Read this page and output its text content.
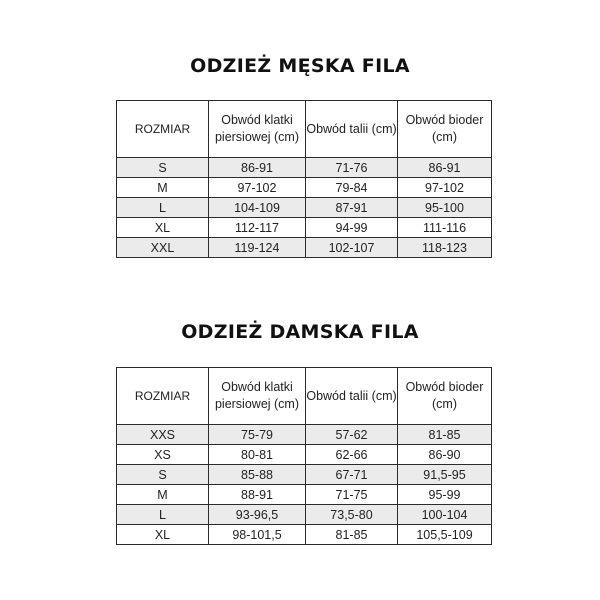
ODZIEŻ MĘSKA FILA
ROZMIAR	Obwód klatki piersiowej (cm)	Obwód talii (cm)	Obwód bioder (cm)
S	86-91	71-76	86-91
M	97-102	79-84	97-102
L	104-109	87-91	95-100
XL	112-117	94-99	111-116
XXL	119-124	102-107	118-123
ODZIEŻ DAMSKA FILA
ROZMIAR	Obwód klatki piersiowej (cm)	Obwód talii (cm)	Obwód bioder (cm)
XXS	75-79	57-62	81-85
XS	80-81	62-66	86-90
S	85-88	67-71	91,5-95
M	88-91	71-75	95-99
L	93-96,5	73,5-80	100-104
XL	98-101,5	81-85	105,5-109
